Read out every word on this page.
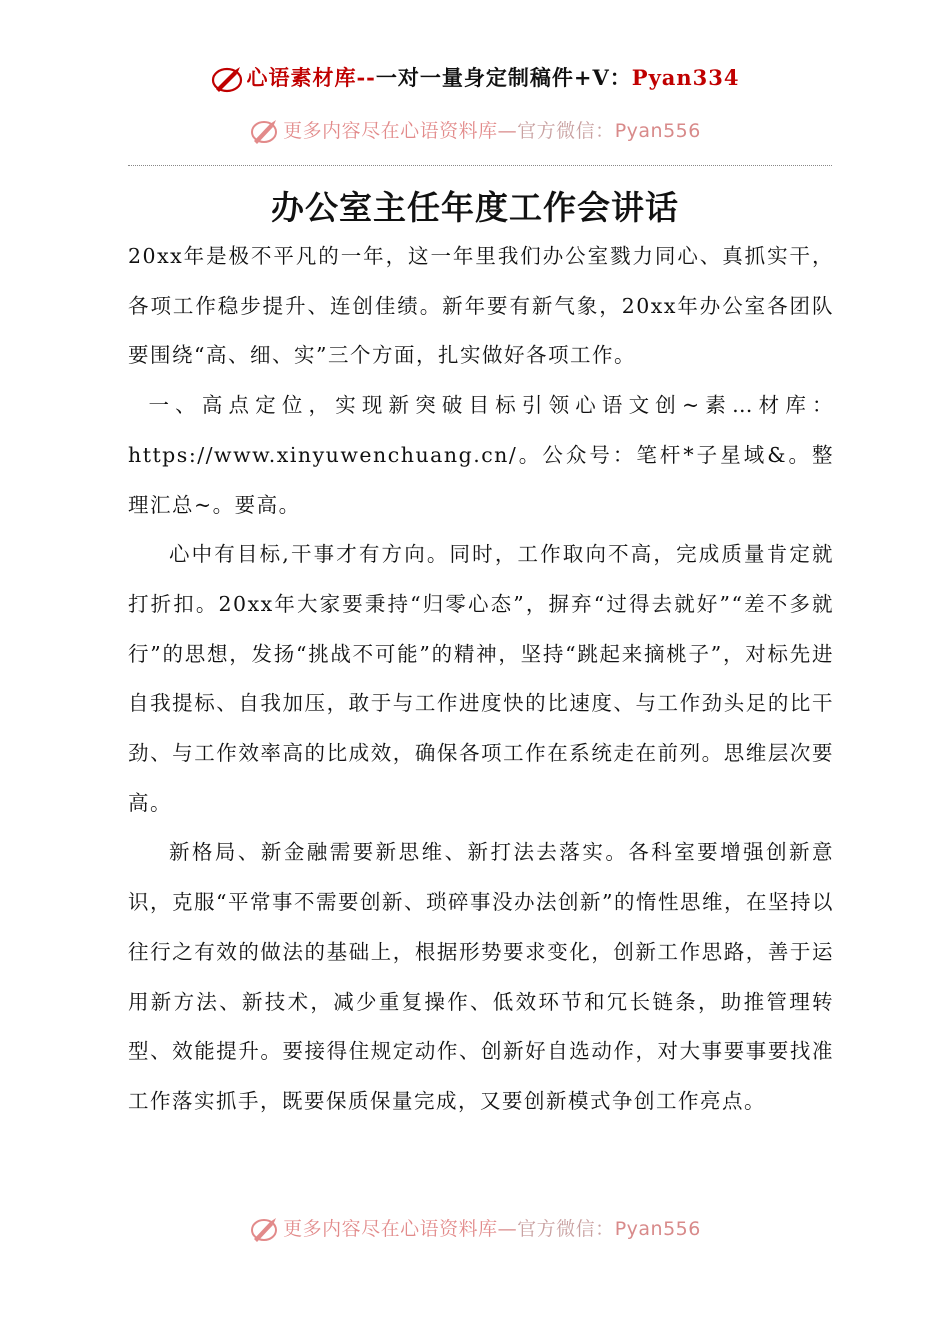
心语素材库--一对一量身定制稿件+V：Pyan334
更多内容尽在心语资料库—官方微信：Pyan556
办公室主任年度工作会讲话

20xx年是极不平凡的一年，这一年里我们办公室戮力同心、真抓实干，各项工作稳步提升、连创佳绩。新年要有新气象，20xx年办公室各团队要围绕“高、细、实”三个方面，扎实做好各项工作。

一、高点定位，实现新突破目标引领心语文创~素…材库：https://www.xinyuwenchuang.cn/。公众号：笔杆*子星域&。整理汇总~。要高。

心中有目标,干事才有方向。同时，工作取向不高，完成质量肯定就打折扣。20xx年大家要秉持“归零心态”，摒弃“过得去就好”“差不多就行”的思想，发扬“挑战不可能”的精神，坚持“跳起来摘桃子”，对标先进自我提标、自我加压，敢于与工作进度快的比速度、与工作劲头足的比干劲、与工作效率高的比成效，确保各项工作在系统走在前列。思维层次要高。

新格局、新金融需要新思维、新打法去落实。各科室要增强创新意识，克服“平常事不需要创新、琐碎事没办法创新”的惰性思维，在坚持以往行之有效的做法的基础上，根据形势要求变化，创新工作思路，善于运用新方法、新技术，减少重复操作、低效环节和冗长链条，助推管理转型、效能提升。要接得住规定动作、创新好自选动作，对大事要事要找准工作落实抓手，既要保质保量完成，又要创新模式争创工作亮点。

更多内容尽在心语资料库—官方微信：Pyan556
